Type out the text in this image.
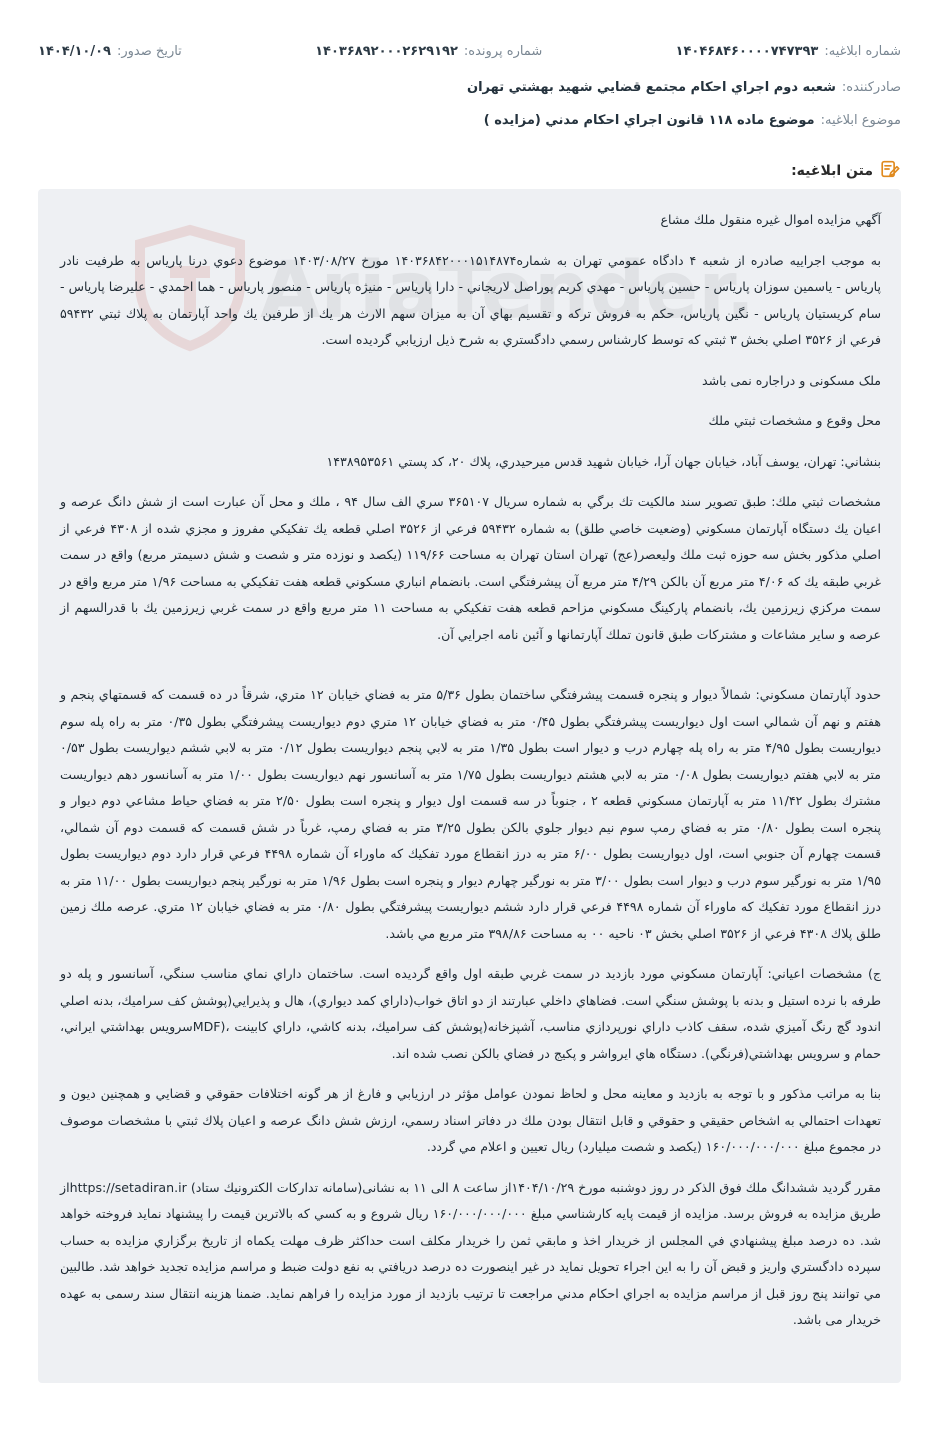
شماره ابلاغيه:
۱۴۰۴۶۸۴۶۰۰۰۰۷۴۷۳۹۳
شماره پرونده:
۱۴۰۳۶۸۹۲۰۰۰۲۶۲۹۱۹۲
تاريخ صدور:
۱۴۰۴/۱۰/۰۹
صادرکننده:
شعبه دوم اجراي احكام مجتمع قضايي شهيد بهشتي تهران
موضوع ابلاغيه:
موضوع ماده ۱۱۸ قانون اجراي احكام مدني (مزايده )
متن ابلاغيه:

آگهي مزايده اموال غيره منقول ملك مشاع

به موجب اجراييه صادره از شعبه ۴ دادگاه عمومي تهران به شماره۱۴۰۳۶۸۴۲۰۰۰۱۵۱۴۸۷۴ مورخ ۱۴۰۳/۰۸/۲۷ موضوع دعوي درنا پارياس به طرفيت نادر پارياس - ياسمين سوزان پارياس - حسين پارياس - مهدي كريم پوراصل لاريجاني - دارا پارياس - منيژه پارياس - منصور پارياس - هما احمدي - عليرضا پارياس - سام كريستيان پارياس - نگين پارياس، حكم به فروش تركه و تقسيم بهاي آن به ميزان سهم الارث هر يك از طرفين يك واحد آپارتمان به پلاك ثبتي ۵۹۴۳۲ فرعي از ۳۵۲۶ اصلي بخش ۳ ثبتي كه توسط كارشناس رسمي دادگستري به شرح ذيل ارزيابي گرديده است.

ملک مسکونی و دراجاره نمی باشد

محل وقوع و مشخصات ثبتي ملك

بنشاني: تهران، يوسف آباد، خيابان جهان آرا، خيابان شهيد قدس ميرحيدري، پلاك ۲۰، كد پستي ۱۴۳۸۹۵۳۵۶۱

مشخصات ثبتي ملك: طبق تصوير سند مالكيت تك برگي به شماره سريال ۳۶۵۱۰۷ سري الف سال ۹۴ ، ملك و محل آن عبارت است از شش دانگ عرصه و اعيان يك دستگاه آپارتمان مسكوني (وضعيت خاصي طلق) به شماره ۵۹۴۳۲ فرعي از ۳۵۲۶ اصلي قطعه يك تفكيكي مفروز و مجزي شده از ۴۳۰۸ فرعي از اصلي مذكور بخش سه حوزه ثبت ملك وليعصر(عج) تهران استان تهران به مساحت ۱۱۹/۶۶ (يكصد و نوزده متر و شصت و شش دسيمتر مربع) واقع در سمت غربي طبقه يك كه ۴/۰۶ متر مربع آن بالكن ۴/۲۹ متر مربع آن پيشرفتگي است. بانضمام انباري مسكوني قطعه هفت تفكيكي به مساحت ۱/۹۶ متر مربع واقع در سمت مركزي زيرزمين يك، بانضمام پاركينگ مسكوني مزاحم قطعه هفت تفكيكي به مساحت ۱۱ متر مربع واقع در سمت غربي زيرزمين يك با قدرالسهم از عرصه و ساير مشاعات و مشتركات طبق قانون تملك آپارتمانها و آئين نامه اجرايي آن.

حدود آپارتمان مسكوني: شمالاً ديوار و پنجره قسمت پيشرفتگي ساختمان بطول ۵/۳۶ متر به فضاي خيابان ۱۲ متري، شرقاً در ده قسمت كه قسمتهاي پنجم و هفتم و نهم آن شمالي است اول ديواريست پيشرفتگي بطول ۰/۴۵ متر به فضاي خيابان ۱۲ متري دوم ديواريست پيشرفتگي بطول ۰/۳۵ متر به راه پله سوم ديواريست بطول ۴/۹۵ متر به راه پله چهارم درب و ديوار است بطول ۱/۳۵ متر به لابي پنجم ديواريست بطول ۰/۱۲ متر به لابي ششم ديواريست بطول ۰/۵۳ متر به لابي هفتم ديواريست بطول ۰/۰۸ متر به لابي هشتم ديواريست بطول ۱/۷۵ متر به آسانسور نهم ديواريست بطول ۱/۰۰ متر به آسانسور دهم ديواريست مشترك بطول ۱۱/۴۲ متر به آپارتمان مسكوني قطعه ۲ ، جنوباً در سه قسمت اول ديوار و پنجره است بطول ۲/۵۰ متر به فضاي حياط مشاعي دوم ديوار و پنجره است بطول ۰/۸۰ متر به فضاي رمپ سوم نيم ديوار جلوي بالكن بطول ۳/۲۵ متر به فضاي رمپ، غرباً در شش قسمت كه قسمت دوم آن شمالي، قسمت چهارم آن جنوبي است، اول ديواريست بطول ۶/۰۰ متر به درز انقطاع مورد تفكيك كه ماوراء آن شماره ۴۴۹۸ فرعي قرار دارد دوم ديواريست بطول ۱/۹۵ متر به نورگير سوم درب و ديوار است بطول ۳/۰۰ متر به نورگير چهارم ديوار و پنجره است بطول ۱/۹۶ متر به نورگير پنجم ديواريست بطول ۱۱/۰۰ متر به درز انقطاع مورد تفكيك كه ماوراء آن شماره ۴۴۹۸ فرعي قرار دارد ششم ديواريست پيشرفتگي بطول ۰/۸۰ متر به فضاي خيابان ۱۲ متري. عرصه ملك زمين طلق پلاك ۴۳۰۸ فرعي از ۳۵۲۶ اصلي بخش ۰۳ ناحيه ۰۰ به مساحت ۳۹۸/۸۶ متر مربع مي باشد.

ج) مشخصات اعياني: آپارتمان مسكوني مورد بازديد در سمت غربي طبقه اول واقع گرديده است. ساختمان داراي نماي مناسب سنگي، آسانسور و پله دو طرفه با نرده استيل و بدنه با پوشش سنگي است. فضاهاي داخلي عبارتند از دو اتاق خواب(داراي كمد ديواري)، هال و پذيرايي(پوشش كف سراميك، بدنه اصلي اندود گچ رنگ آميزي شده، سقف كاذب داراي نورپردازي مناسب، آشپزخانه(پوشش كف سراميك، بدنه كاشي، داراي كابينت ،(MDFسرويس بهداشتي ايراني، حمام و سرويس بهداشتي(فرنگي). دستگاه هاي ايرواشر و پكيج در فضاي بالكن نصب شده اند.

بنا به مراتب مذكور و با توجه به بازديد و معاينه محل و لحاظ نمودن عوامل مؤثر در ارزيابي و فارغ از هر گونه اختلافات حقوقي و قضايي و همچنين ديون و تعهدات احتمالي به اشخاص حقيقي و حقوقي و قابل انتقال بودن ملك در دفاتر اسناد رسمي، ارزش شش دانگ عرصه و اعيان پلاك ثبتي با مشخصات موصوف در مجموع مبلغ ۱۶۰/۰۰۰/۰۰۰/۰۰۰ (يكصد و شصت ميليارد) ريال تعيين و اعلام مي گردد.

مقرر گرديد ششدانگ ملك فوق الذكر در روز دوشنبه مورخ ۱۴۰۴/۱۰/۲۹از ساعت ۸ الی ۱۱ به نشانی(سامانه تداركات الكترونيك ستاد) https://setadiran.irاز طريق مزايده به فروش برسد. مزايده از قيمت پايه كارشناسي مبلغ ۱۶۰/۰۰۰/۰۰۰/۰۰۰ ريال شروع و به كسي كه بالاترين قيمت را پيشنهاد نمايد فروخته خواهد شد. ده درصد مبلغ پيشنهادي في المجلس از خريدار اخذ و مابقي ثمن را خريدار مكلف است حداكثر ظرف مهلت يكماه از تاريخ برگزاري مزايده به حساب سپرده دادگستري واريز و قبض آن را به اين اجراء تحويل نمايد در غير اينصورت ده درصد دريافتي به نفع دولت ضبط و مراسم مزايده تجديد خواهد شد. طالبين مي توانند پنج روز قبل از مراسم مزايده به اجراي احكام مدني مراجعت تا ترتيب بازديد از مورد مزايده را فراهم نمايد. ضمنا هزينه انتقال سند رسمی به عهده خریدار می باشد.
